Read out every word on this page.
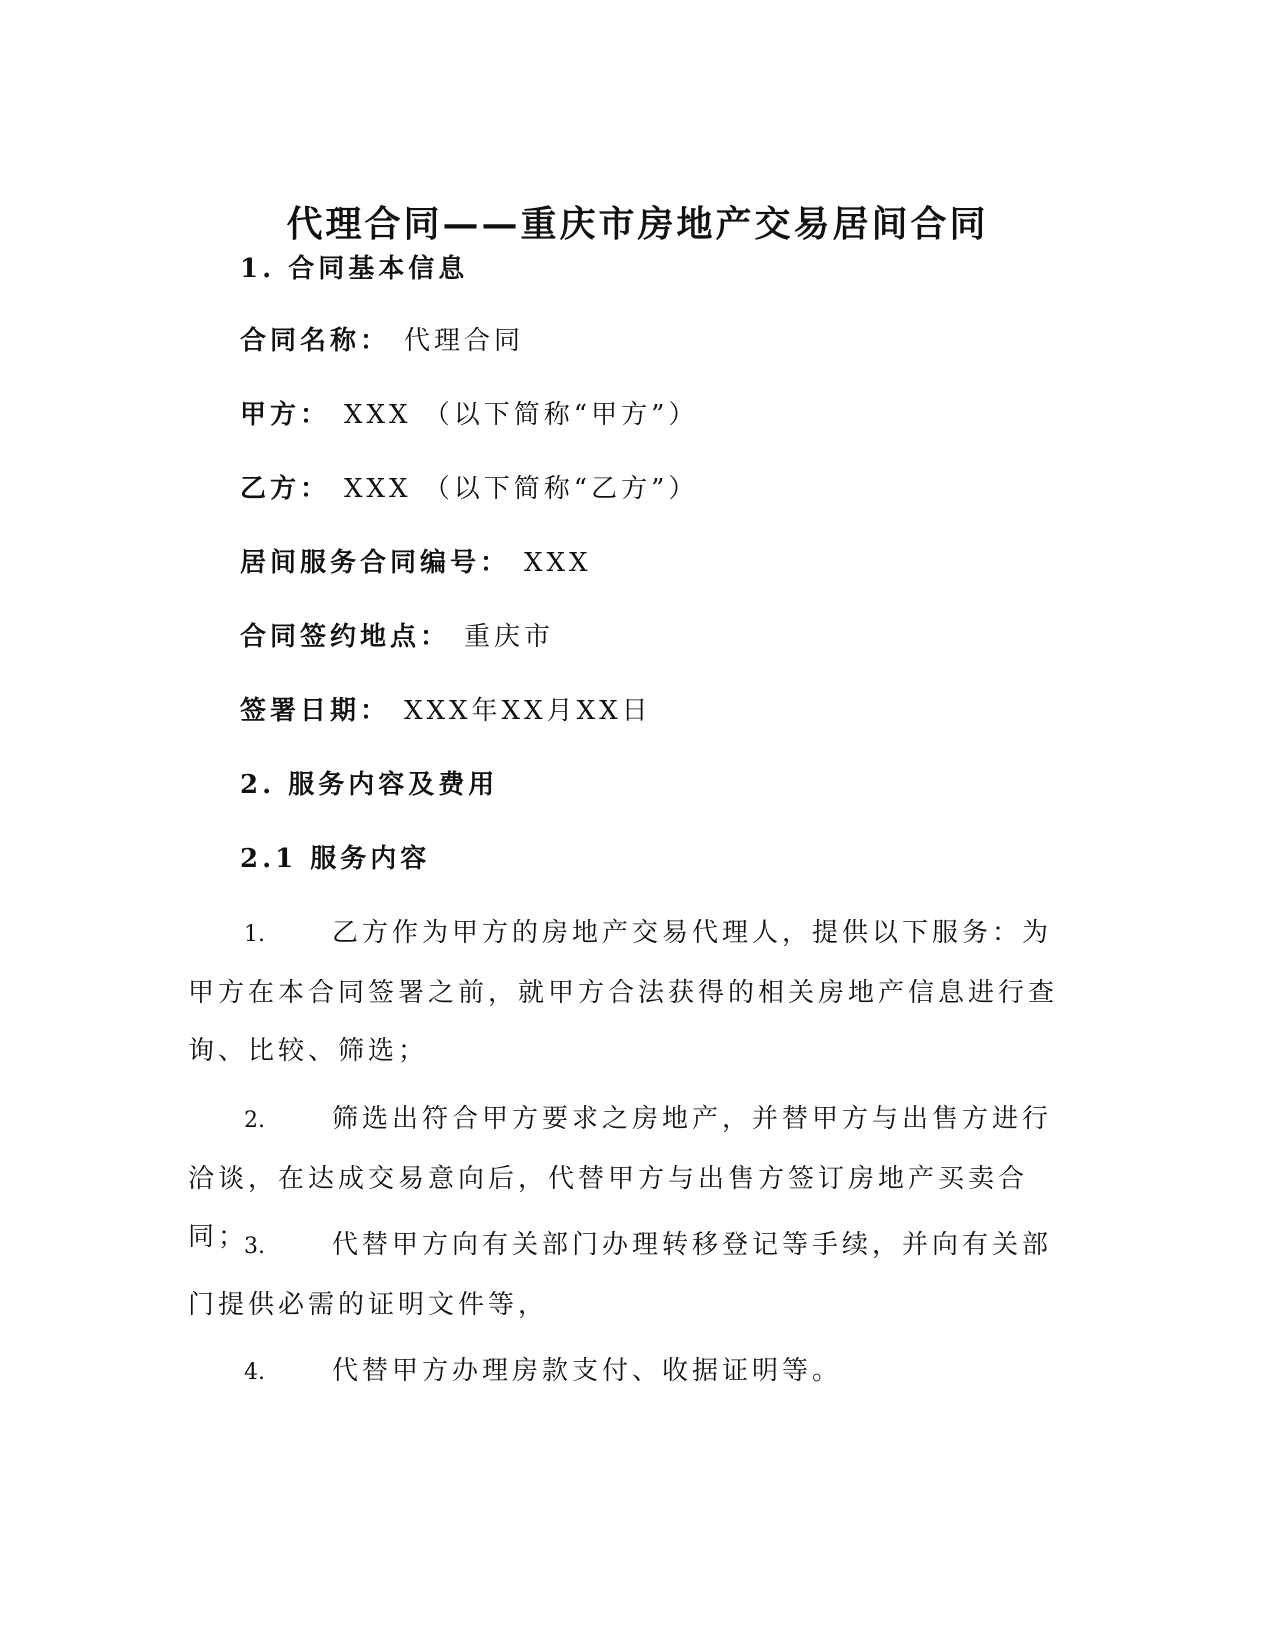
代理合同——重庆市房地产交易居间合同
1. 合同基本信息
合同名称： 代理合同
甲方： XXX （以下简称“甲方”）
乙方： XXX （以下简称“乙方”）
居间服务合同编号： XXX
合同签约地点： 重庆市
签署日期： XXX年XX月XX日
2. 服务内容及费用
2.1 服务内容
1.	乙方作为甲方的房地产交易代理人，提供以下服务：为甲方在本合同签署之前，就甲方合法获得的相关房地产信息进行查询、比较、筛选；
2.	筛选出符合甲方要求之房地产，并替甲方与出售方进行洽谈，在达成交易意向后，代替甲方与出售方签订房地产买卖合同；
3.	代替甲方向有关部门办理转移登记等手续，并向有关部门提供必需的证明文件等，
4.	代替甲方办理房款支付、收据证明等。
